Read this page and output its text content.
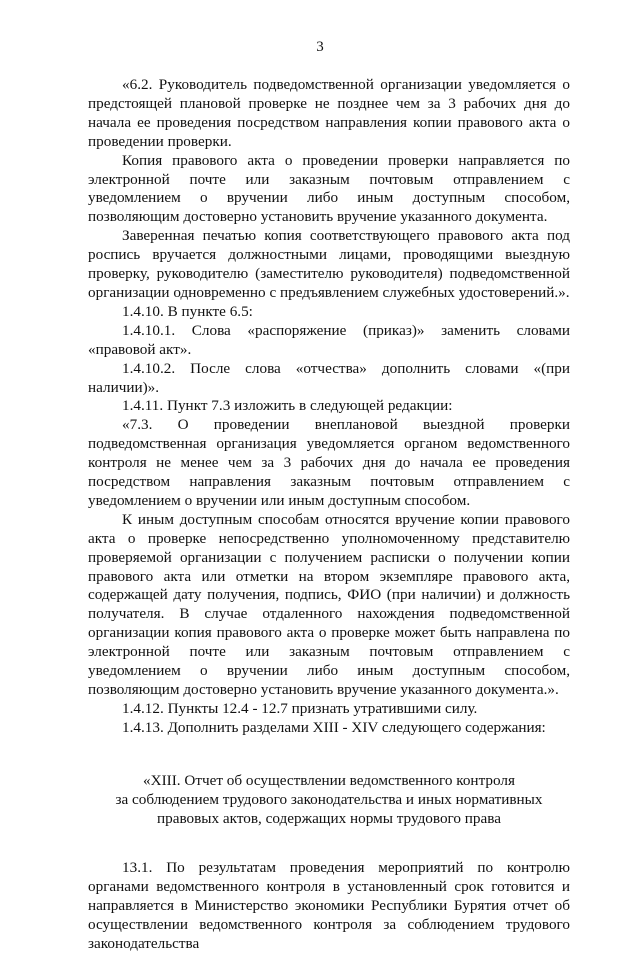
3

«6.2. Руководитель подведомственной организации уведомляется о предстоящей плановой проверке не позднее чем за 3 рабочих дня до начала ее проведения посредством направления копии правового акта о проведении проверки.

Копия правового акта о проведении проверки направляется по электронной почте или заказным почтовым отправлением с уведомлением о вручении либо иным доступным способом, позволяющим достоверно установить вручение указанного документа.

Заверенная печатью копия соответствующего правового акта под роспись вручается должностными лицами, проводящими выездную проверку, руководителю (заместителю руководителя) подведомственной организации одновременно с предъявлением служебных удостоверений.».

1.4.10. В пункте 6.5:

1.4.10.1. Слова «распоряжение (приказ)» заменить словами «правовой акт».

1.4.10.2. После слова «отчества» дополнить словами «(при наличии)».

1.4.11. Пункт 7.3 изложить в следующей редакции:

«7.3. О проведении внеплановой выездной проверки подведомственная организация уведомляется органом ведомственного контроля не менее чем за 3 рабочих дня до начала ее проведения посредством направления заказным почтовым отправлением с уведомлением о вручении или иным доступным способом.

К иным доступным способам относятся вручение копии правового акта о проверке непосредственно уполномоченному представителю проверяемой организации с получением расписки о получении копии правового акта или отметки на втором экземпляре правового акта, содержащей дату получения, подпись, ФИО (при наличии) и должность получателя. В случае отдаленного нахождения подведомственной организации копия правового акта о проверке может быть направлена по электронной почте или заказным почтовым отправлением с уведомлением о вручении либо иным доступным способом, позволяющим достоверно установить вручение указанного документа.».

1.4.12. Пункты 12.4 - 12.7 признать утратившими силу.

1.4.13. Дополнить разделами XIII - XIV следующего содержания:

«XIII. Отчет об осуществлении ведомственного контроля
за соблюдением трудового законодательства и иных нормативных
правовых актов, содержащих нормы трудового права

13.1. По результатам проведения мероприятий по контролю органами ведомственного контроля в установленный срок готовится и направляется в Министерство экономики Республики Бурятия отчет об осуществлении ведомственного контроля за соблюдением трудового законодательства
